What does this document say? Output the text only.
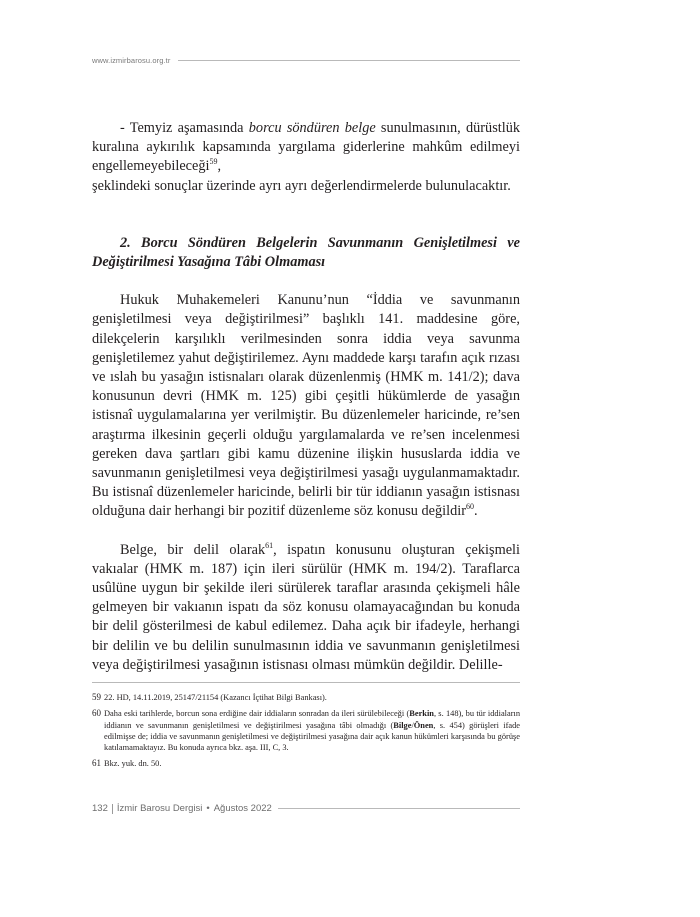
www.izmirbarosu.org.tr

- Temyiz aşamasında borcu söndüren belge sunulmasının, dürüstlük kuralına aykırılık kapsamında yargılama giderlerine mahkûm edilmeyi engellemeyebileceği$^{59}$,

şeklindeki sonuçlar üzerinde ayrı ayrı değerlendirmelerde bulunulacaktır.

2. Borcu Söndüren Belgelerin Savunmanın Genişletilmesi ve Değiştirilmesi Yasağına Tâbi Olmaması

Hukuk Muhakemeleri Kanunu’nun “İddia ve savunmanın genişletilmesi veya değiştirilmesi” başlıklı 141. maddesine göre, dilekçelerin karşılıklı verilmesinden sonra iddia veya savunma genişletilemez yahut değiştirilemez. Aynı maddede karşı tarafın açık rızası ve ıslah bu yasağın istisnaları olarak düzenlenmiş (HMK m. 141/2); dava konusunun devri (HMK m. 125) gibi çeşitli hükümlerde de yasağın istisnaî uygulamalarına yer verilmiştir. Bu düzenlemeler haricinde, re’sen araştırma ilkesinin geçerli olduğu yargılamalarda ve re’sen incelenmesi gereken dava şartları gibi kamu düzenine ilişkin hususlarda iddia ve savunmanın genişletilmesi veya değiştirilmesi yasağı uygulanmamaktadır. Bu istisnaî düzenlemeler haricinde, belirli bir tür iddianın yasağın istisnası olduğuna dair herhangi bir pozitif düzenleme söz konusu değildir$^{60}$.

Belge, bir delil olarak$^{61}$, ispatın konusunu oluşturan çekişmeli vakıalar (HMK m. 187) için ileri sürülür (HMK m. 194/2). Taraflarca usûlüne uygun bir şekilde ileri sürülerek taraflar arasında çekişmeli hâle gelmeyen bir vakıanın ispatı da söz konusu olamayacağından bu konuda bir delil gösterilmesi de kabul edilemez. Daha açık bir ifadeyle, herhangi bir delilin ve bu delilin sunulmasının iddia ve savunmanın genişletilmesi veya değiştirilmesi yasağının istisnası olması mümkün değildir. Delille-

59 22. HD, 14.11.2019, 25147/21154 (Kazancı İçtihat Bilgi Bankası).
60 Daha eski tarihlerde, borcun sona erdiğine dair iddiaların sonradan da ileri sürülebileceği (Berkin, s. 148), bu tür iddiaların iddianın ve savunmanın genişletilmesi ve değiştirilmesi yasağına tâbi olmadığı (Bilge/Önen, s. 454) görüşleri ifade edilmişse de; iddia ve savunmanın genişletilmesi ve değiştirilmesi yasağına dair açık kanun hükümleri karşısında bu görüşe katılamamaktayız. Bu konuda ayrıca bkz. aşa. III, C, 3.
61 Bkz. yuk. dn. 50.
132 İzmir Barosu Dergisi • Ağustos 2022
